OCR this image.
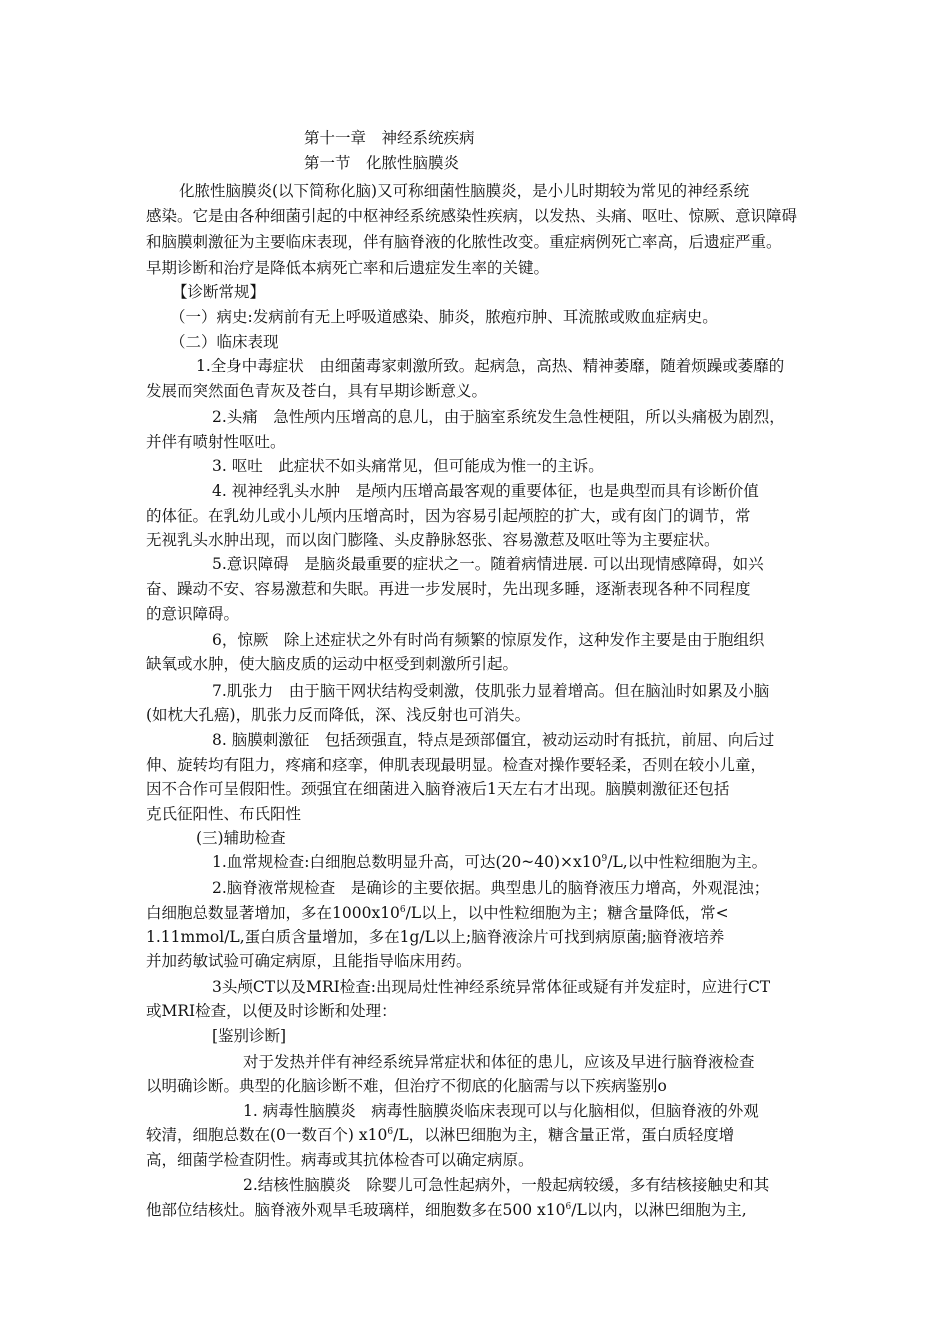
第十一章　神经系统疾病
第一节　化脓性脑膜炎
化脓性脑膜炎(以下简称化脑)又可称细菌性脑膜炎，是小儿时期较为常见的神经系统
感染。它是由各种细菌引起的中枢神经系统感染性疾病，以发热、头痛、呕吐、惊厥、意识障碍
和脑膜刺激征为主要临床表现，伴有脑脊液的化脓性改变。重症病例死亡率高，后遗症严重。
早期诊断和治疗是降低本病死亡率和后遗症发生率的关键。
【诊断常规】
（一）病史:发病前有无上呼吸道感染、肺炎，脓疱疖肿、耳流脓或败血症病史。
（二）临床表现
1.全身中毒症状　由细菌毒家刺激所致。起病急，高热、精神萎靡，随着烦躁或萎靡的
发展而突然面色青灰及苍白，具有早期诊断意义。
2.头痛　急性颅内压增高的息儿，由于脑室系统发生急性梗阻，所以头痛极为剧烈，
并伴有喷射性呕吐。
3. 呕吐　此症状不如头痛常见，但可能成为惟一的主诉。
4. 视神经乳头水肿　是颅内压增高最客观的重要体征，也是典型而具有诊断价值
的体征。在乳幼儿或小儿颅内压增高时，因为容易引起颅腔的扩大，或有囱门的调节，常
无视乳头水肿出现，而以囱门膨隆、头皮静脉怒张、容易激惹及呕吐等为主要症状。
5.意识障碍　是脑炎最重要的症状之一。随着病情进展. 可以出现情感障碍，如兴
奋、躁动不安、容易激惹和失眠。再进一步发展时，先出现多睡，逐渐表现各种不同程度
的意识障碍。
6，惊厥　除上述症状之外有时尚有频繁的惊原发作，这种发作主要是由于胞组织
缺氧或水肿，使大脑皮质的运动中枢受到刺激所引起。
7.肌张力　由于脑干网状结构受刺激，伎肌张力显着增高。但在脑汕时如累及小脑
(如枕大孔癌)，肌张力反而降低，深、浅反射也可消失。
8. 脑膜刺激征　包括颈强直，特点是颈部僵宜，被动运动时有抵抗，前屈、向后过
伸、旋转均有阻力，疼痛和痉挛，伸肌表现最明显。检查对操作要轻柔，否则在较小儿童，
因不合作可呈假阳性。颈强宜在细菌进入脑脊液后1天左右才出现。脑膜刺激征还包括
克氏征阳性、布氏阳性
(三)辅助检查
1.血常规检查:白细胞总数明显升高，可达$(20\sim 40)\times x10^9/L$,以中性粒细胞为主。
2.脑脊液常规检查　是确诊的主要依据。典型患儿的脑脊液压力增高，外观混浊；
白细胞总数显著增加，多在$1000x10^6/L$以上，以中性粒细胞为主；糖含量降低，常<
1.11mmol/L,蛋白质含量增加，多在1g/L以上;脑脊液涂片可找到病原菌;脑脊液培养
并加药敏试验可确定病原，且能指导临床用药。
3头颅CT以及MRI检查:出现局灶性神经系统异常体征或疑有并发症时，应进行CT
或MRI检查，以便及时诊断和处理：
[鉴别诊断]
对于发热并伴有神经系统异常症状和体征的患儿，应该及早进行脑脊液检查
以明确诊断。典型的化脑诊断不难，但治疗不彻底的化脑需与以下疾病鉴别o
1. 病毒性脑膜炎　病毒性脑膜炎临床表现可以与化脑相似，但脑脊液的外观
较清，细胞总数在(0一数百个) $x10^6/L$，以淋巴细胞为主，糖含量正常，蛋白质轻度增
高，细菌学检查阴性。病毒或其抗体检杳可以确定病原。
2.结核性脑膜炎　除婴儿可急性起病外，一般起病较缓，多有结核接触史和其
他部位结核灶。脑脊液外观旱毛玻璃样，细胞数多在500 $x10^6/L$以内，以淋巴细胞为主,
